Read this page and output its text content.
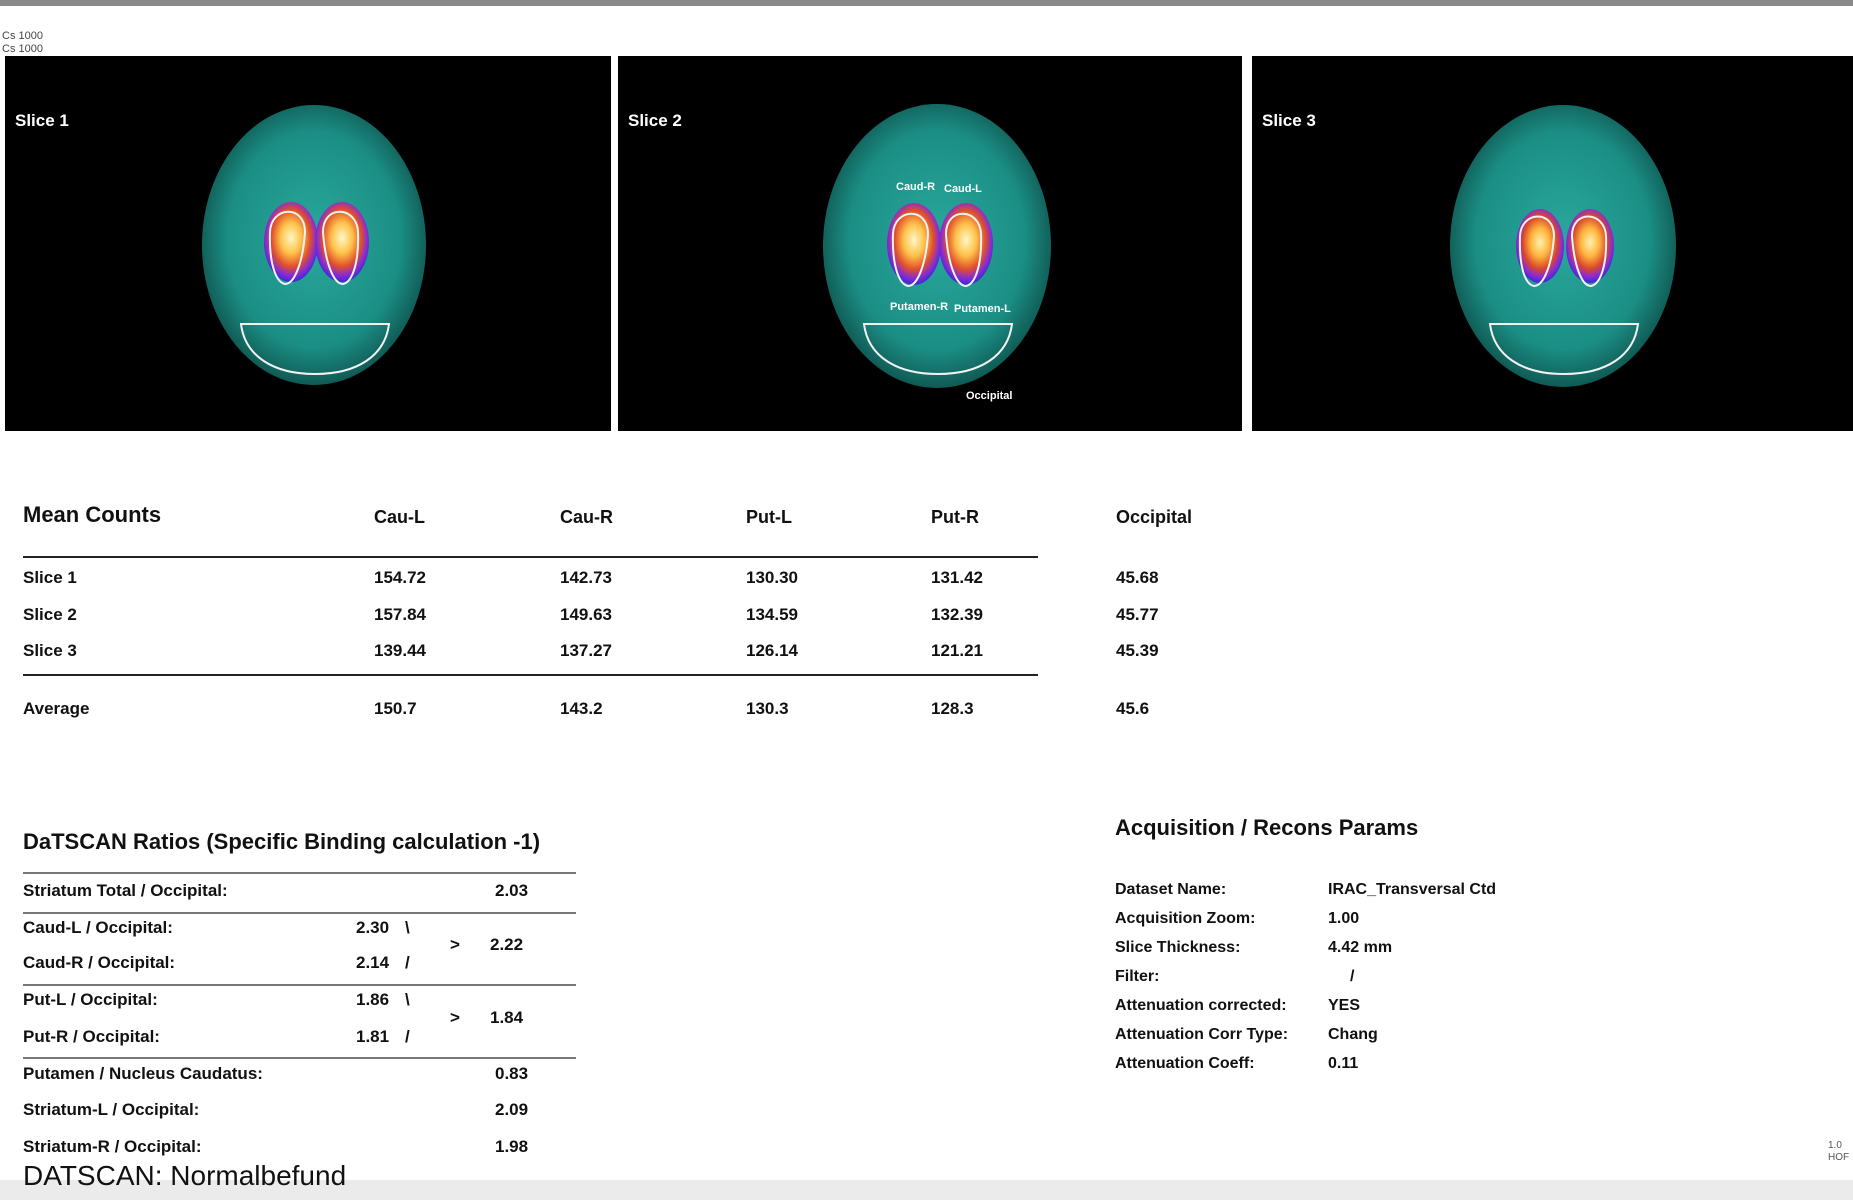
Cs 1000
Cs 1000
Slice 1
Caud-R Caud-L
Putamen-R Putamen-L
Occipital
Slice 2	Slice 3
Mean Counts	Cau-L	Cau-R	Put-L	Put-R	Occipital
Slice 1	154.72	142.73	130.30	131.42	45.68
Slice 2	157.84	149.63	134.59	132.39	45.77
Slice 3	139.44	137.27	126.14	121.21	45.39
Average	150.7	143.2	130.3	128.3	45.6
DaTSCAN Ratios (Specific Binding calculation -1)
Striatum Total / Occipital:	2.03
Caud-L / Occipital:	2.30 \
> 2.22
Caud-R / Occipital:	2.14 /
Put-L / Occipital:	1.86 \
> 1.84
Put-R / Occipital:	1.81 /
Putamen / Nucleus Caudatus:	0.83
Striatum-L / Occipital:	2.09
Striatum-R / Occipital:	1.98
Acquisition / Recons Params
Dataset Name:	IRAC_Transversal Ctd
Acquisition Zoom:	1.00
Slice Thickness:	4.42 mm
Filter:	/
Attenuation corrected:	YES
Attenuation Corr Type: Chang
Attenuation Coeff:	0.11
1.0
HOF
DATSCAN: Normalbefund
